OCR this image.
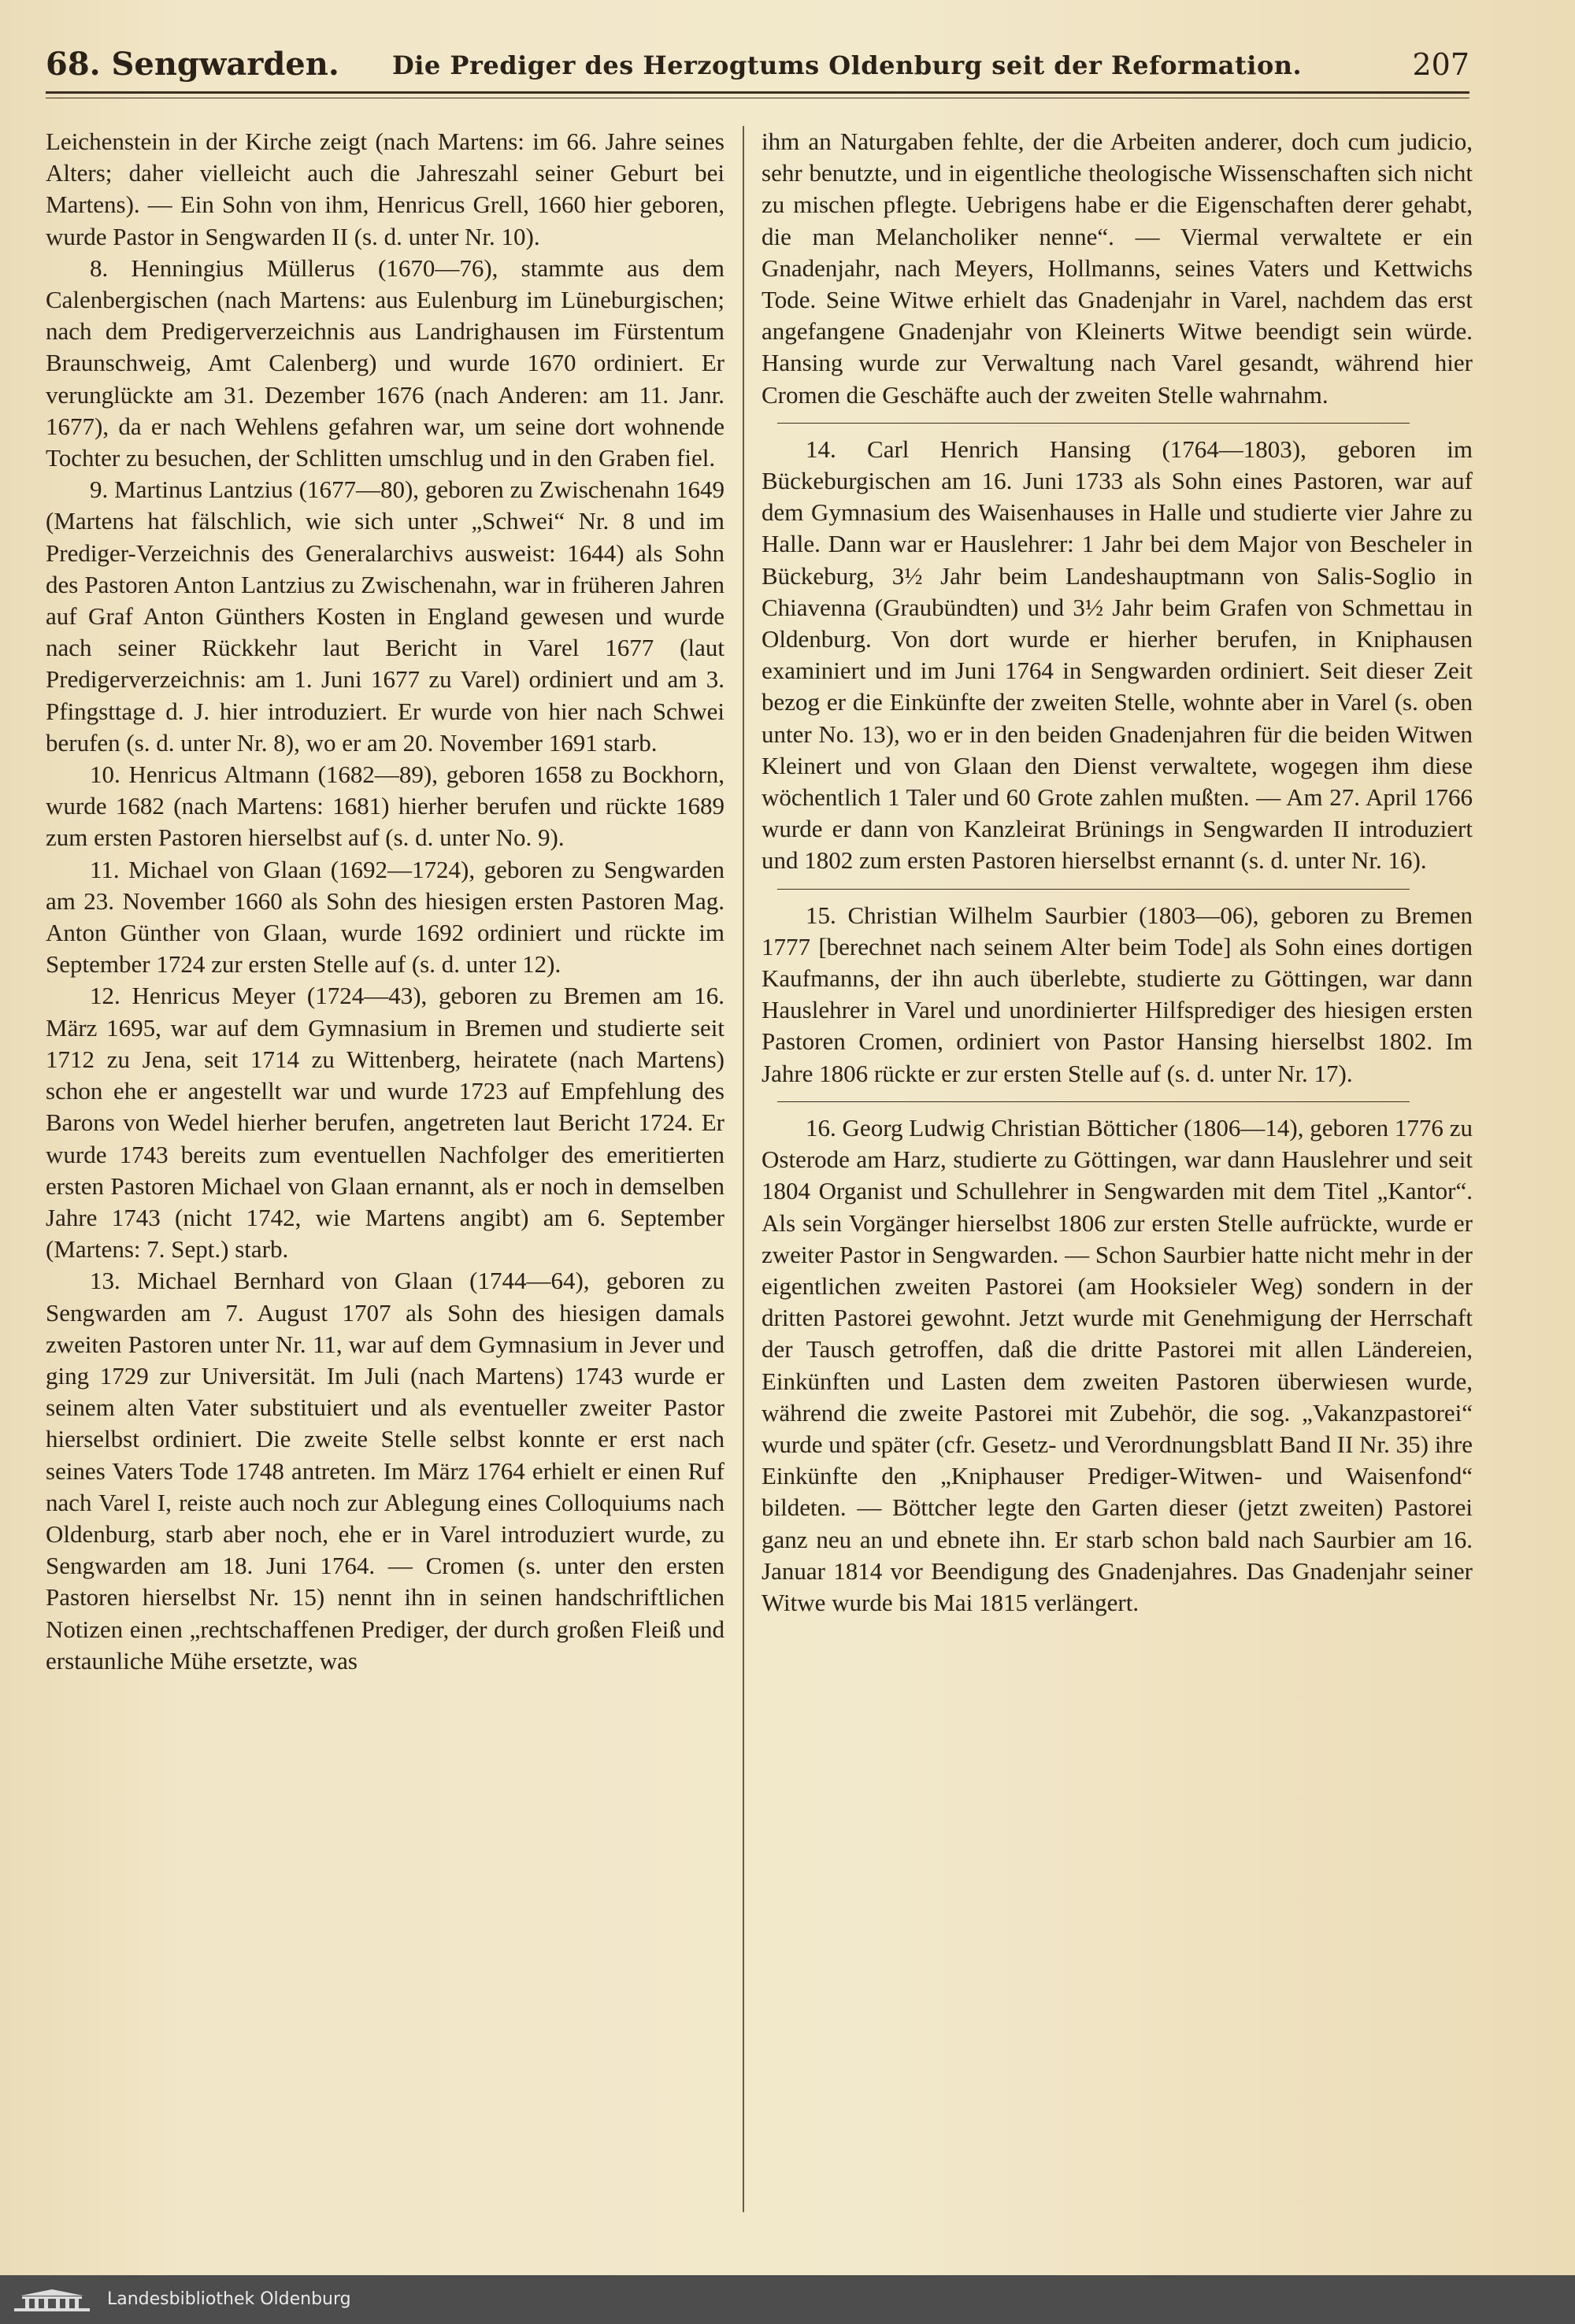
68. Sengwarden. Die Prediger des Herzogtums Oldenburg seit der Reformation.	207

Leichenstein in der Kirche zeigt (nach Martens: im 66. Jahre seines Alters; daher vielleicht auch die Jahreszahl seiner Geburt bei Martens). — Ein Sohn von ihm, Henricus Grell, 1660 hier geboren, wurde Pastor in Sengwarden II (s. d. unter Nr. 10).

8. Henningius Müllerus (1670—76), stammte aus dem Calenbergischen (nach Martens: aus Eulenburg im Lüneburgischen; nach dem Predigerverzeichnis aus Landrighausen im Fürstentum Braunschweig, Amt Calenberg) und wurde 1670 ordiniert. Er verunglückte am 31. Dezember 1676 (nach Anderen: am 11. Janr. 1677), da er nach Wehlens gefahren war, um seine dort wohnende Tochter zu besuchen, der Schlitten umschlug und in den Graben fiel.

9. Martinus Lantzius (1677—80), geboren zu Zwischenahn 1649 (Martens hat fälschlich, wie sich unter „Schwei“ Nr. 8 und im Prediger-Verzeichnis des Generalarchivs ausweist: 1644) als Sohn des Pastoren Anton Lantzius zu Zwischenahn, war in früheren Jahren auf Graf Anton Günthers Kosten in England gewesen und wurde nach seiner Rückkehr laut Bericht in Varel 1677 (laut Predigerverzeichnis: am 1. Juni 1677 zu Varel) ordiniert und am 3. Pfingsttage d. J. hier introduziert. Er wurde von hier nach Schwei berufen (s. d. unter Nr. 8), wo er am 20. November 1691 starb.

10. Henricus Altmann (1682—89), geboren 1658 zu Bockhorn, wurde 1682 (nach Martens: 1681) hierher berufen und rückte 1689 zum ersten Pastoren hierselbst auf (s. d. unter No. 9).

11. Michael von Glaan (1692—1724), geboren zu Sengwarden am 23. November 1660 als Sohn des hiesigen ersten Pastoren Mag. Anton Günther von Glaan, wurde 1692 ordiniert und rückte im September 1724 zur ersten Stelle auf (s. d. unter 12).

12. Henricus Meyer (1724—43), geboren zu Bremen am 16. März 1695, war auf dem Gymnasium in Bremen und studierte seit 1712 zu Jena, seit 1714 zu Wittenberg, heiratete (nach Martens) schon ehe er angestellt war und wurde 1723 auf Empfehlung des Barons von Wedel hierher berufen, angetreten laut Bericht 1724. Er wurde 1743 bereits zum eventuellen Nachfolger des emeritierten ersten Pastoren Michael von Glaan ernannt, als er noch in demselben Jahre 1743 (nicht 1742, wie Martens angibt) am 6. September (Martens: 7. Sept.) starb.

13. Michael Bernhard von Glaan (1744—64), geboren zu Sengwarden am 7. August 1707 als Sohn des hiesigen damals zweiten Pastoren unter Nr. 11, war auf dem Gymnasium in Jever und ging 1729 zur Universität. Im Juli (nach Martens) 1743 wurde er seinem alten Vater substituiert und als eventueller zweiter Pastor hierselbst ordiniert. Die zweite Stelle selbst konnte er erst nach seines Vaters Tode 1748 antreten. Im März 1764 erhielt er einen Ruf nach Varel I, reiste auch noch zur Ablegung eines Colloquiums nach Oldenburg, starb aber noch, ehe er in Varel introduziert wurde, zu Sengwarden am 18. Juni 1764. — Cromen (s. unter den ersten Pastoren hierselbst Nr. 15) nennt ihn in seinen handschriftlichen Notizen einen „rechtschaffenen Prediger, der durch großen Fleiß und erstaunliche Mühe ersetzte, was

ihm an Naturgaben fehlte, der die Arbeiten anderer, doch cum judicio, sehr benutzte, und in eigentliche theologische Wissenschaften sich nicht zu mischen pflegte. Uebrigens habe er die Eigenschaften derer gehabt, die man Melancholiker nenne“. — Viermal verwaltete er ein Gnadenjahr, nach Meyers, Hollmanns, seines Vaters und Kettwichs Tode. Seine Witwe erhielt das Gnadenjahr in Varel, nachdem das erst angefangene Gnadenjahr von Kleinerts Witwe beendigt sein würde. Hansing wurde zur Verwaltung nach Varel gesandt, während hier Cromen die Geschäfte auch der zweiten Stelle wahrnahm.

14. Carl Henrich Hansing (1764—1803), geboren im Bückeburgischen am 16. Juni 1733 als Sohn eines Pastoren, war auf dem Gymnasium des Waisenhauses in Halle und studierte vier Jahre zu Halle. Dann war er Hauslehrer: 1 Jahr bei dem Major von Bescheler in Bückeburg, 3½ Jahr beim Landeshauptmann von Salis-Soglio in Chiavenna (Graubündten) und 3½ Jahr beim Grafen von Schmettau in Oldenburg. Von dort wurde er hierher berufen, in Kniphausen examiniert und im Juni 1764 in Sengwarden ordiniert. Seit dieser Zeit bezog er die Einkünfte der zweiten Stelle, wohnte aber in Varel (s. oben unter No. 13), wo er in den beiden Gnadenjahren für die beiden Witwen Kleinert und von Glaan den Dienst verwaltete, wogegen ihm diese wöchentlich 1 Taler und 60 Grote zahlen mußten. — Am 27. April 1766 wurde er dann von Kanzleirat Brünings in Sengwarden II introduziert und 1802 zum ersten Pastoren hierselbst ernannt (s. d. unter Nr. 16).

15. Christian Wilhelm Saurbier (1803—06), geboren zu Bremen 1777 [berechnet nach seinem Alter beim Tode] als Sohn eines dortigen Kaufmanns, der ihn auch überlebte, studierte zu Göttingen, war dann Hauslehrer in Varel und unordinierter Hilfsprediger des hiesigen ersten Pastoren Cromen, ordiniert von Pastor Hansing hierselbst 1802. Im Jahre 1806 rückte er zur ersten Stelle auf (s. d. unter Nr. 17).

16. Georg Ludwig Christian Bötticher (1806—14), geboren 1776 zu Osterode am Harz, studierte zu Göttingen, war dann Hauslehrer und seit 1804 Organist und Schullehrer in Sengwarden mit dem Titel „Kantor“. Als sein Vorgänger hierselbst 1806 zur ersten Stelle aufrückte, wurde er zweiter Pastor in Sengwarden. — Schon Saurbier hatte nicht mehr in der eigentlichen zweiten Pastorei (am Hooksieler Weg) sondern in der dritten Pastorei gewohnt. Jetzt wurde mit Genehmigung der Herrschaft der Tausch getroffen, daß die dritte Pastorei mit allen Ländereien, Einkünften und Lasten dem zweiten Pastoren überwiesen wurde, während die zweite Pastorei mit Zubehör, die sog. „Vakanzpastorei“ wurde und später (cfr. Gesetz- und Verordnungsblatt Band II Nr. 35) ihre Einkünfte den „Kniphauser Prediger-Witwen- und Waisenfond“ bildeten. — Böttcher legte den Garten dieser (jetzt zweiten) Pastorei ganz neu an und ebnete ihn. Er starb schon bald nach Saurbier am 16. Januar 1814 vor Beendigung des Gnadenjahres. Das Gnadenjahr seiner Witwe wurde bis Mai 1815 verlängert.

Landesbibliothek Oldenburg
